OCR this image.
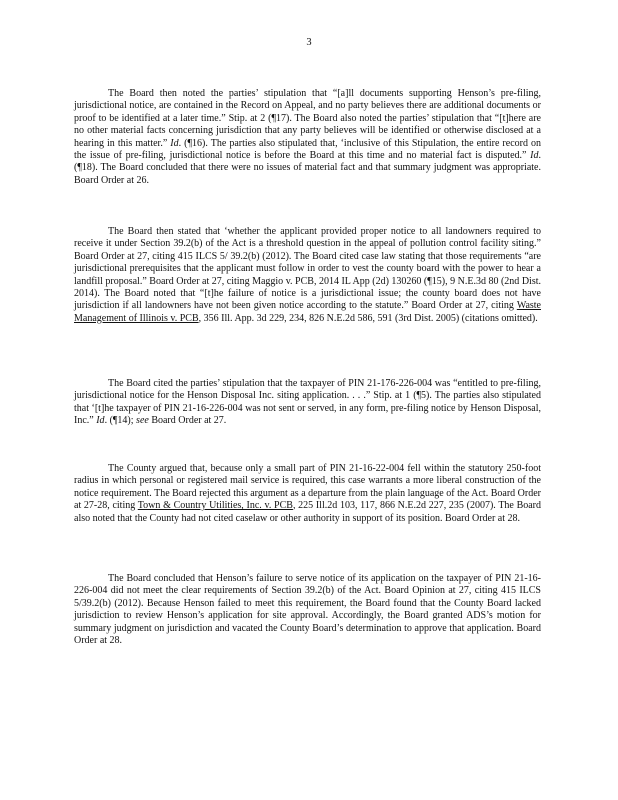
3

The Board then noted the parties’ stipulation that “[a]ll documents supporting Henson’s pre-filing, jurisdictional notice, are contained in the Record on Appeal, and no party believes there are additional documents or proof to be identified at a later time.” Stip. at 2 (¶17). The Board also noted the parties’ stipulation that “[t]here are no other material facts concerning jurisdiction that any party believes will be identified or otherwise disclosed at a hearing in this matter.” Id. (¶16). The parties also stipulated that, ‘inclusive of this Stipulation, the entire record on the issue of pre-filing, jurisdictional notice is before the Board at this time and no material fact is disputed.” Id. (¶18). The Board concluded that there were no issues of material fact and that summary judgment was appropriate. Board Order at 26.

The Board then stated that ‘whether the applicant provided proper notice to all landowners required to receive it under Section 39.2(b) of the Act is a threshold question in the appeal of pollution control facility siting.” Board Order at 27, citing 415 ILCS 5/ 39.2(b) (2012). The Board cited case law stating that those requirements “are jurisdictional prerequisites that the applicant must follow in order to vest the county board with the power to hear a landfill proposal.” Board Order at 27, citing Maggio v. PCB, 2014 IL App (2d) 130260 (¶15), 9 N.E.3d 80 (2nd Dist. 2014). The Board noted that “[t]he failure of notice is a jurisdictional issue; the county board does not have jurisdiction if all landowners have not been given notice according to the statute.” Board Order at 27, citing Waste Management of Illinois v. PCB, 356 Ill. App. 3d 229, 234, 826 N.E.2d 586, 591 (3rd Dist. 2005) (citations omitted).

The Board cited the parties’ stipulation that the taxpayer of PIN 21-176-226-004 was “entitled to pre-filing, jurisdictional notice for the Henson Disposal Inc. siting application. . . .” Stip. at 1 (¶5). The parties also stipulated that ‘[t]he taxpayer of PIN 21-16-226-004 was not sent or served, in any form, pre-filing notice by Henson Disposal, Inc.” Id. (¶14); see Board Order at 27.

The County argued that, because only a small part of PIN 21-16-22-004 fell within the statutory 250-foot radius in which personal or registered mail service is required, this case warrants a more liberal construction of the notice requirement. The Board rejected this argument as a departure from the plain language of the Act. Board Order at 27-28, citing Town & Country Utilities, Inc. v. PCB, 225 Ill.2d 103, 117, 866 N.E.2d 227, 235 (2007). The Board also noted that the County had not cited caselaw or other authority in support of its position. Board Order at 28.

The Board concluded that Henson’s failure to serve notice of its application on the taxpayer of PIN 21-16-226-004 did not meet the clear requirements of Section 39.2(b) of the Act. Board Opinion at 27, citing 415 ILCS 5/39.2(b) (2012). Because Henson failed to meet this requirement, the Board found that the County Board lacked jurisdiction to review Henson’s application for site approval. Accordingly, the Board granted ADS’s motion for summary judgment on jurisdiction and vacated the County Board’s determination to approve that application. Board Order at 28.
